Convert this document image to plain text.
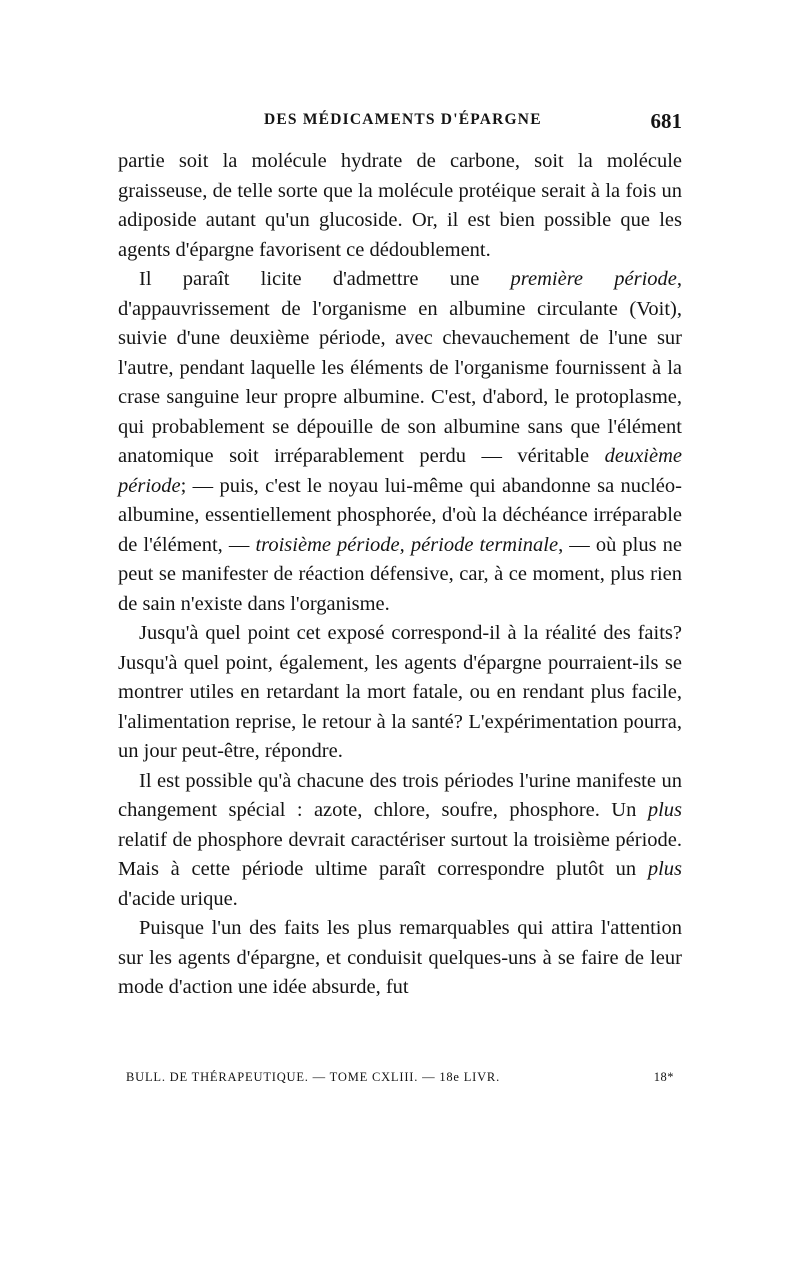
DES MÉDICAMENTS D'ÉPARGNE	681

partie soit la molécule hydrate de carbone, soit la molécule graisseuse, de telle sorte que la molécule protéique serait à la fois un adiposide autant qu'un glucoside. Or, il est bien possible que les agents d'épargne favorisent ce dédoublement.

Il paraît licite d'admettre une première période, d'appauvrissement de l'organisme en albumine circulante (Voit), suivie d'une deuxième période, avec chevauchement de l'une sur l'autre, pendant laquelle les éléments de l'organisme fournissent à la crase sanguine leur propre albumine. C'est, d'abord, le protoplasme, qui probablement se dépouille de son albumine sans que l'élément anatomique soit irréparablement perdu — véritable deuxième période; — puis, c'est le noyau lui-même qui abandonne sa nucléo-albumine, essentiellement phosphorée, d'où la déchéance irréparable de l'élément, — troisième période, période terminale, — où plus ne peut se manifester de réaction défensive, car, à ce moment, plus rien de sain n'existe dans l'organisme.

Jusqu'à quel point cet exposé correspond-il à la réalité des faits? Jusqu'à quel point, également, les agents d'épargne pourraient-ils se montrer utiles en retardant la mort fatale, ou en rendant plus facile, l'alimentation reprise, le retour à la santé? L'expérimentation pourra, un jour peut-être, répondre.

Il est possible qu'à chacune des trois périodes l'urine manifeste un changement spécial : azote, chlore, soufre, phosphore. Un plus relatif de phosphore devrait caractériser surtout la troisième période. Mais à cette période ultime paraît correspondre plutôt un plus d'acide urique.

Puisque l'un des faits les plus remarquables qui attira l'attention sur les agents d'épargne, et conduisit quelques-uns à se faire de leur mode d'action une idée absurde, fut

BULL. DE THÉRAPEUTIQUE. — TOME CXLIII. — 18e LIVR.	18*
